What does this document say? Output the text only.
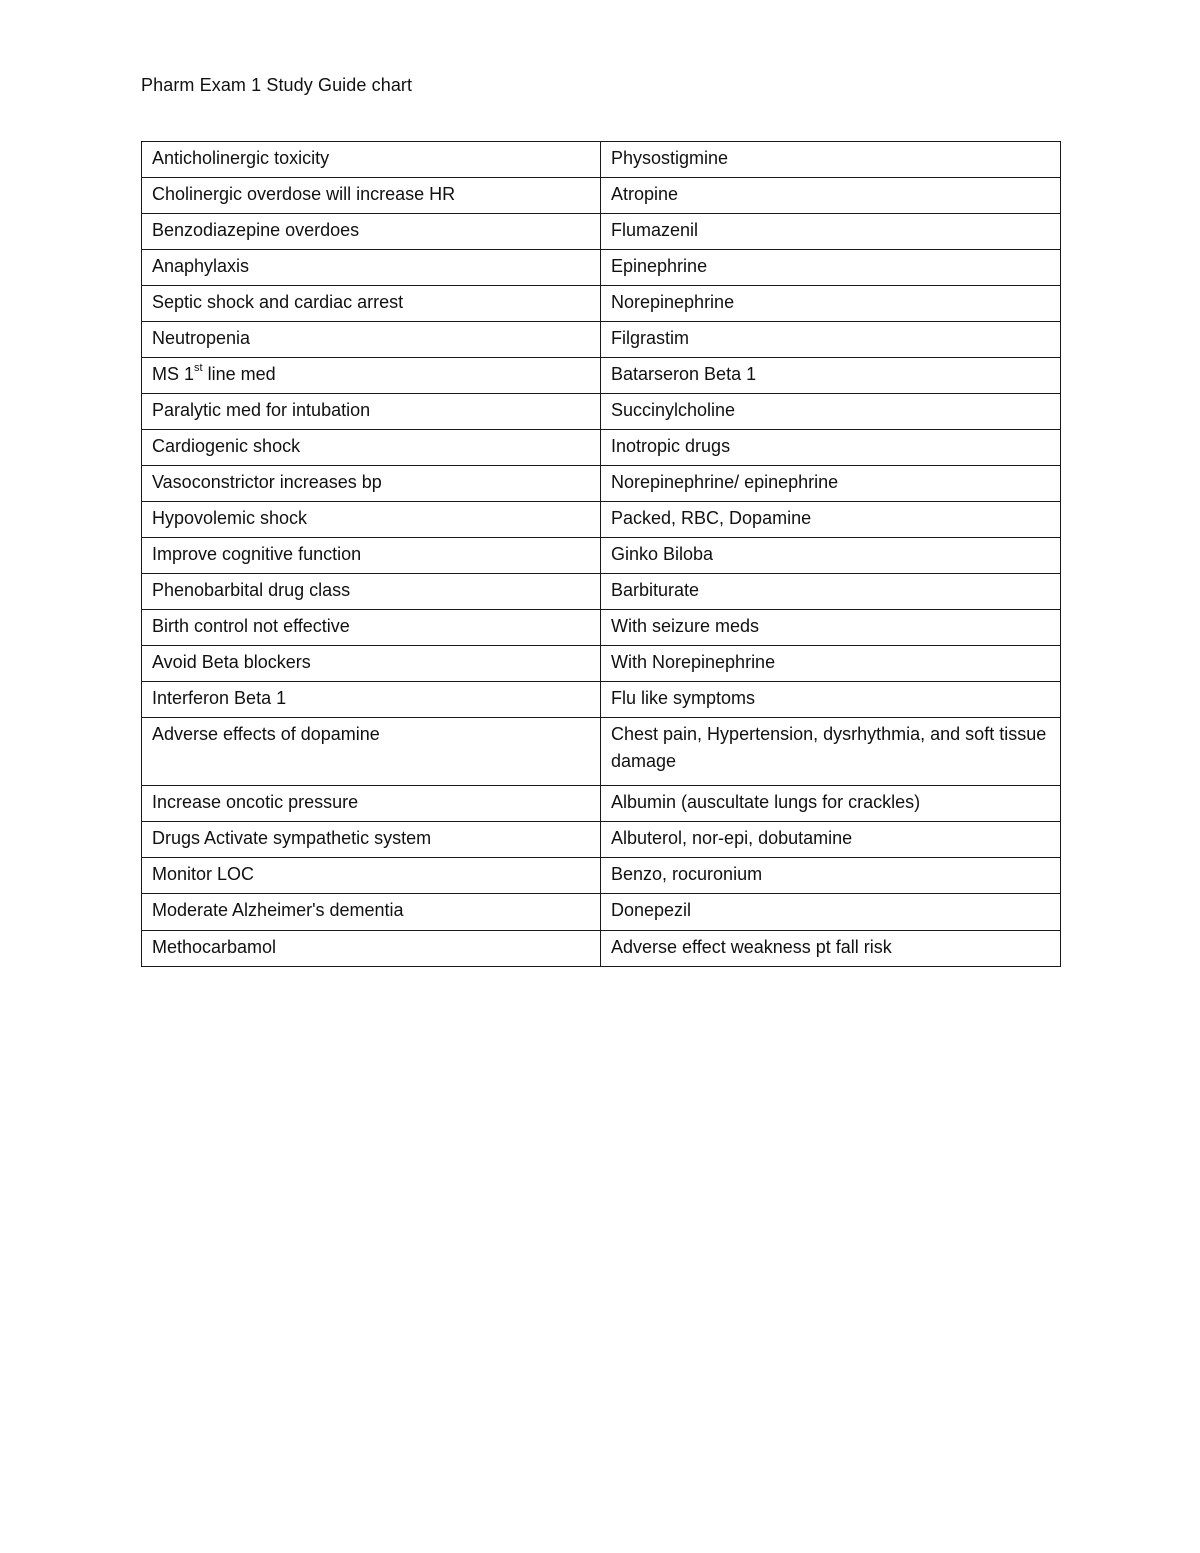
Pharm Exam 1 Study Guide chart
Anticholinergic toxicity	Physostigmine
Cholinergic overdose will increase HR	Atropine
Benzodiazepine overdoes	Flumazenil
Anaphylaxis	Epinephrine
Septic shock and cardiac arrest	Norepinephrine
Neutropenia	Filgrastim
MS 1st line med	Batarseron Beta 1
Paralytic med for intubation	Succinylcholine
Cardiogenic shock	Inotropic drugs
Vasoconstrictor increases bp	Norepinephrine/ epinephrine
Hypovolemic shock	Packed, RBC, Dopamine
Improve cognitive function	Ginko Biloba
Phenobarbital drug class	Barbiturate
Birth control not effective	With seizure meds
Avoid Beta blockers	With Norepinephrine
Interferon Beta 1	Flu like symptoms
Adverse effects of dopamine	Chest pain, Hypertension, dysrhythmia, and soft tissue damage
Increase oncotic pressure	Albumin (auscultate lungs for crackles)
Drugs Activate sympathetic system	Albuterol, nor-epi, dobutamine
Monitor LOC	Benzo, rocuronium
Moderate Alzheimer's dementia	Donepezil
Methocarbamol	Adverse effect weakness pt fall risk
